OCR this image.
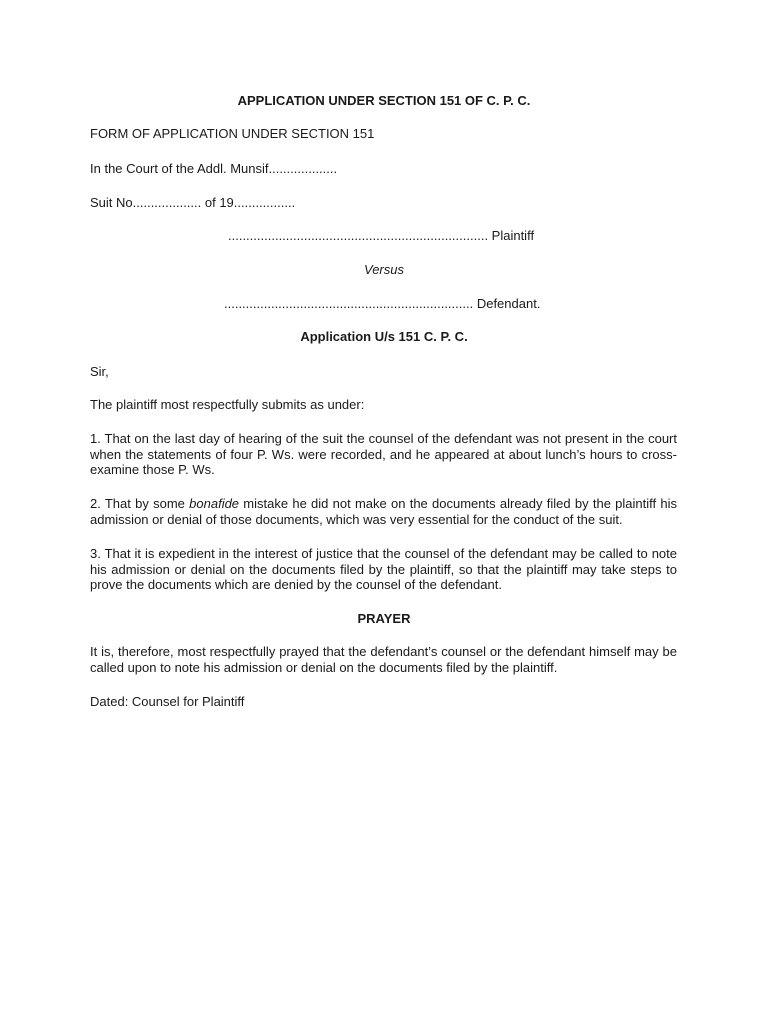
APPLICATION UNDER SECTION 151 OF C. P. C.
FORM OF APPLICATION UNDER SECTION 151
In the Court of the Addl. Munsif...................
Suit No................... of 19.................
........................................................................ Plaintiff
Versus
..................................................................... Defendant.
Application U/s 151 C. P. C.
Sir,
The plaintiff most respectfully submits as under:
1. That on the last day of hearing of the suit the counsel of the defendant was not present in the court when the statements of four P. Ws. were recorded, and he appeared at about lunch’s hours to cross-examine those P. Ws.
2. That by some bonafide mistake he did not make on the documents already filed by the plaintiff his admission or denial of those documents, which was very essential for the conduct of the suit.
3. That it is expedient in the interest of justice that the counsel of the defendant may be called to note his admission or denial on the documents filed by the plaintiff, so that the plaintiff may take steps to prove the documents which are denied by the counsel of the defendant.
PRAYER
It is, therefore, most respectfully prayed that the defendant’s counsel or the defendant himself may be called upon to note his admission or denial on the documents filed by the plaintiff.
Dated: Counsel for Plaintiff
